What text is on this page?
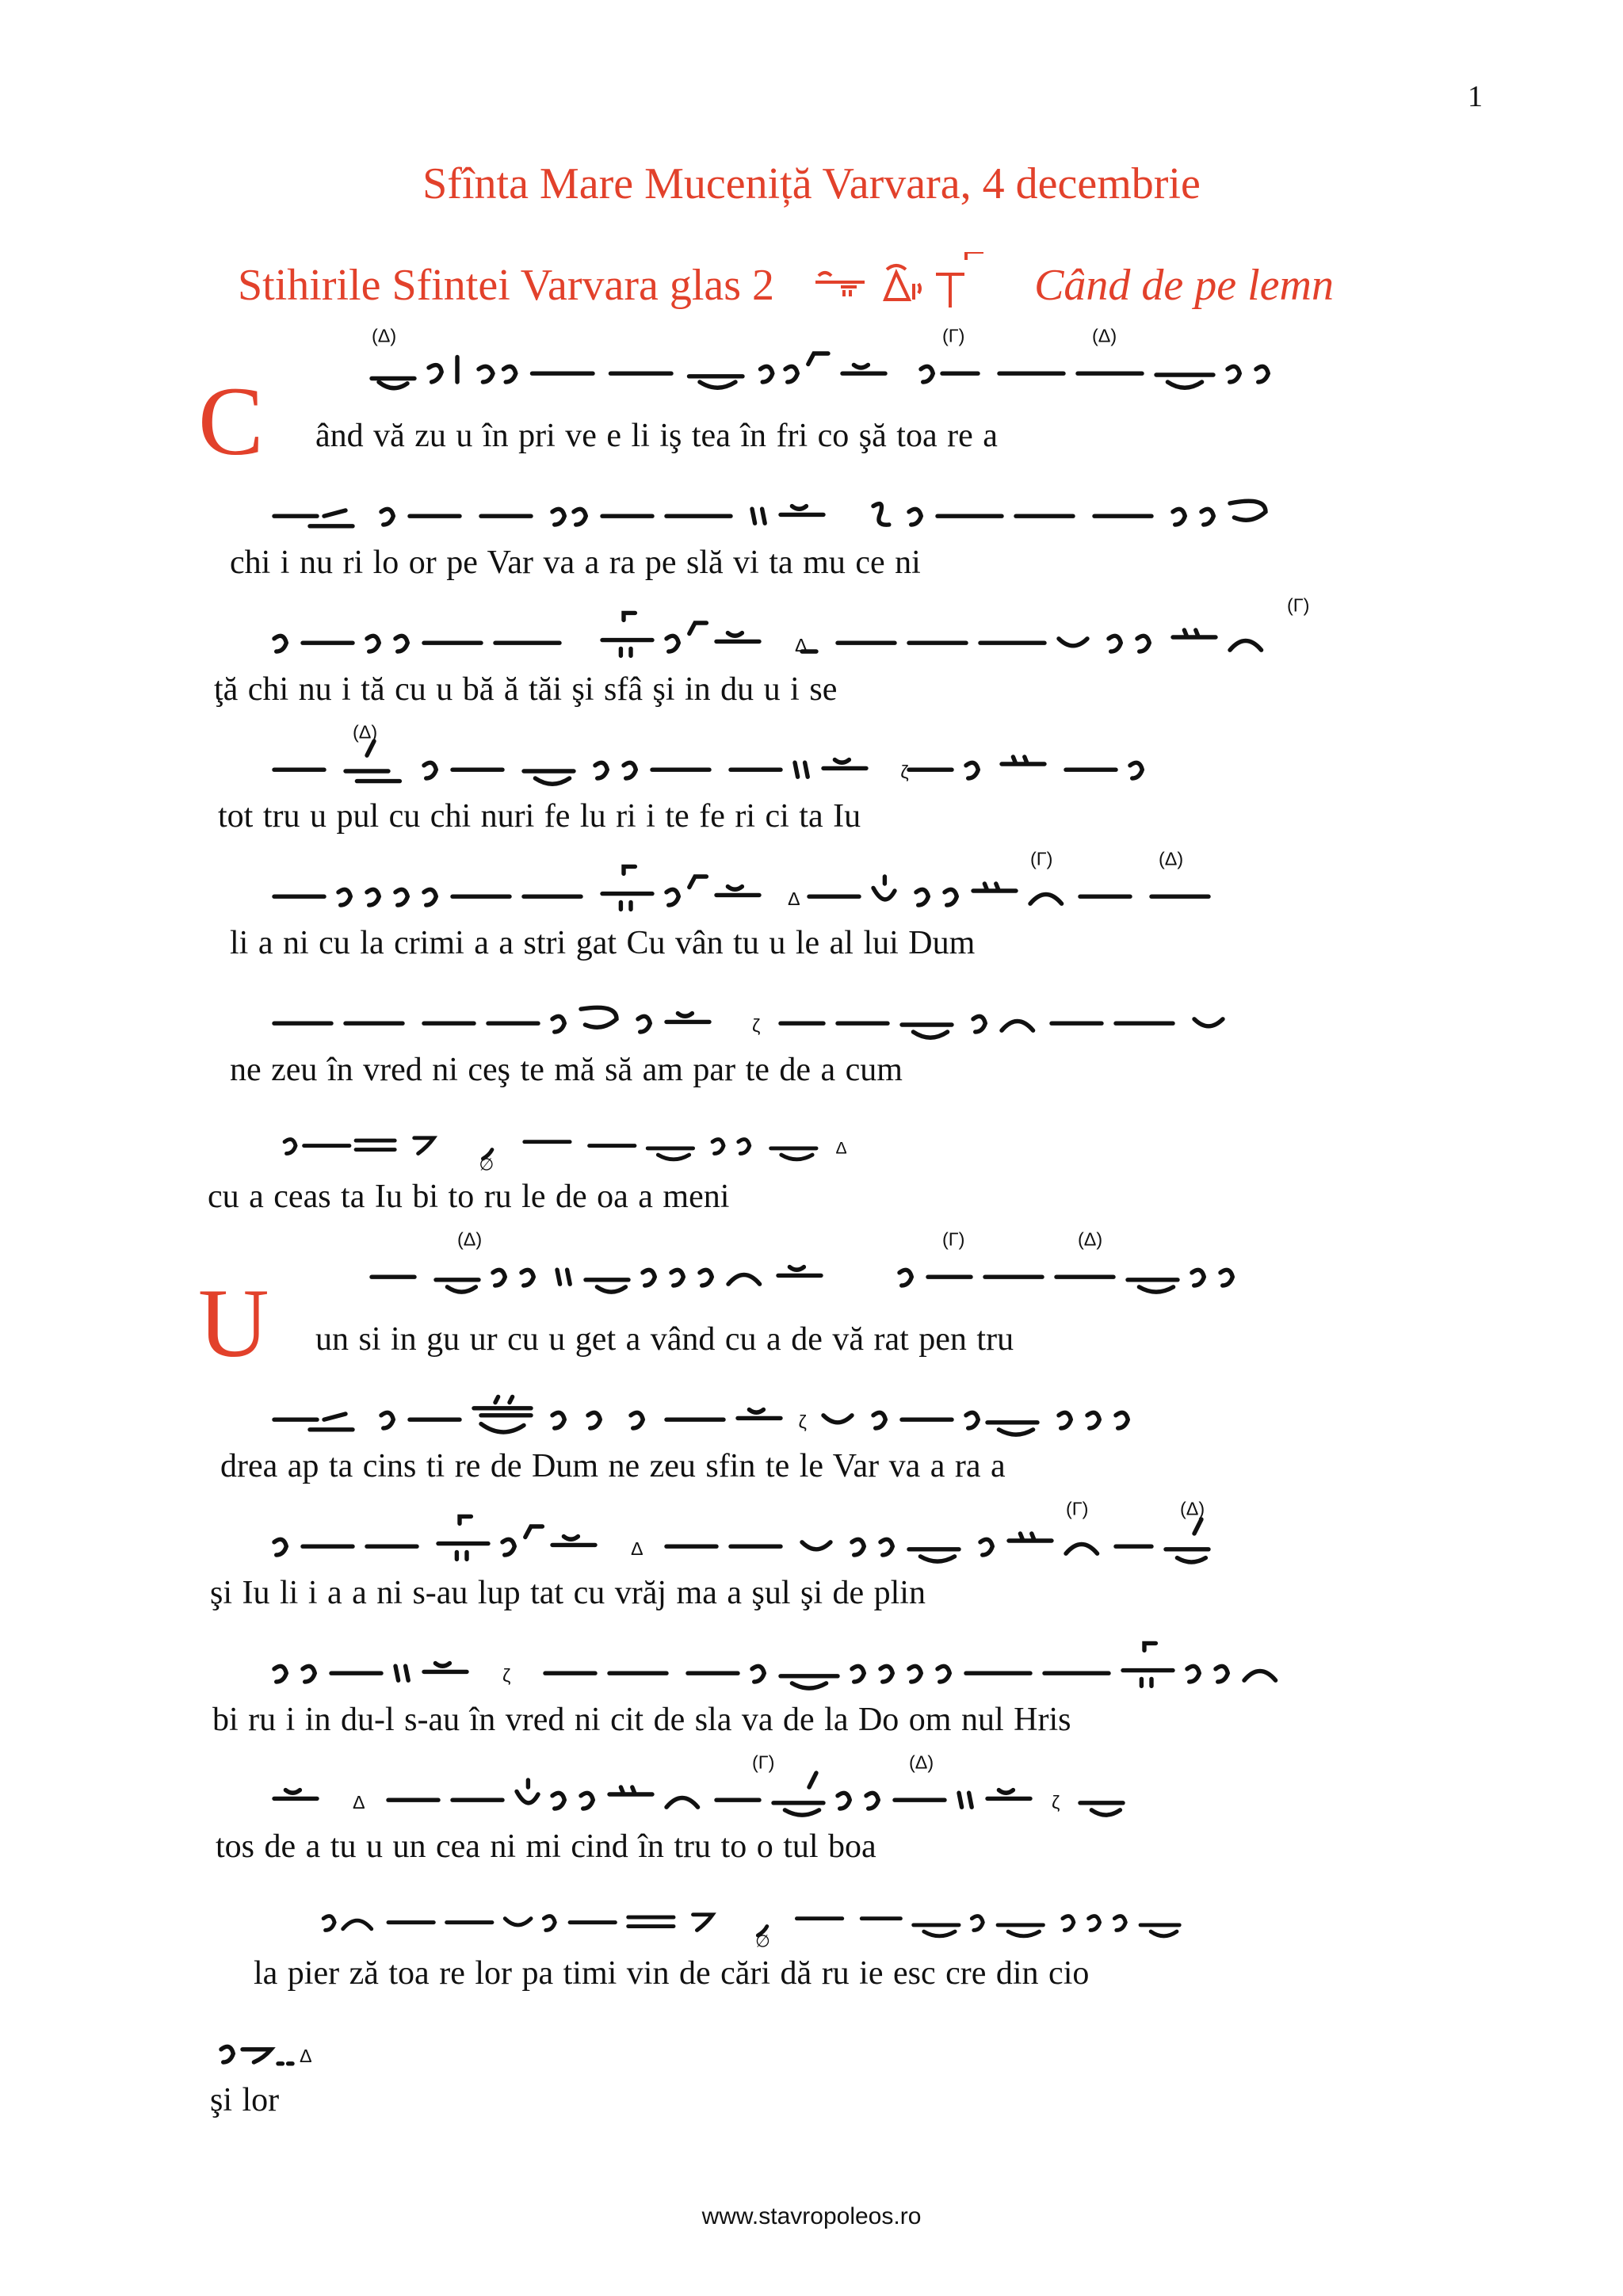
1
Sfînta Mare Muceniță Varvara, 4 decembrie
Stihirile Sfintei Varvara glas 2	Când de pe lemn
C
(Δ)	(Γ)	(Δ)
ând vă zu u în pri ve e li iş tea în fri co şă toa re a
chi i nu ri lo or pe Var va a ra pe slă vi ta mu ce ni
Δ
(Γ)
ţă chi nu i tă cu u bă ă tăi şi sfâ şi in du u i se
(Δ)
ζ
tot tru u pul cu chi nuri fe lu ri i te fe ri ci ta Iu
Δ
(Γ)	(Δ)
li a ni cu la crimi a a stri gat Cu vân tu u le al lui Dum
ζ
ne zeu în vred ni ceş te mă să am par te de a cum
Δ
∅
cu a ceas ta Iu bi to ru le de oa a meni
U
(Δ)	(Γ)	(Δ)
un si in gu ur cu u get a vând cu a de vă rat pen tru
ζ
drea ap ta cins ti re de Dum ne zeu sfin te le Var va a ra a
Δ
(Γ)	(Δ)
şi Iu li i a a ni s-au lup tat cu vrăj ma a şul şi de plin
ζ
bi ru i in du-l s-au în vred ni cit de sla va de la Do om nul Hris
Δ
(Γ)	(Δ)
ζ
tos de a tu u un cea ni mi cind în tru to o tul boa
∅
la pier ză toa re lor pa timi vin de cări dă ru ie esc cre din cio
Δ
şi lor
www.stavropoleos.ro
